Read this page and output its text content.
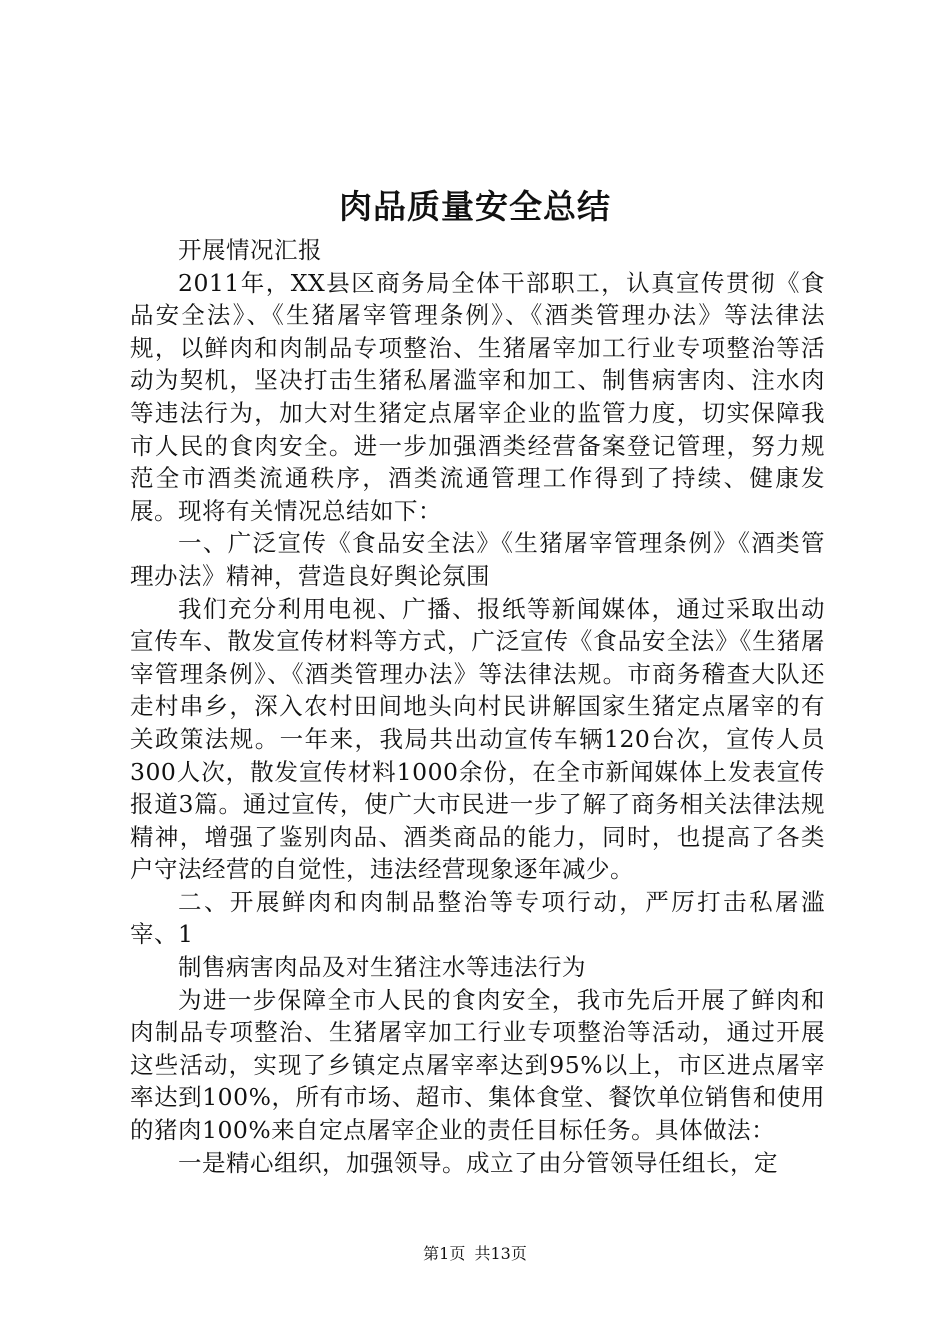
肉品质量安全总结

开展情况汇报

2011年，XX县区商务局全体干部职工，认真宣传贯彻《食品安全法》、《生猪屠宰管理条例》、《酒类管理办法》等法律法规，以鲜肉和肉制品专项整治、生猪屠宰加工行业专项整治等活动为契机，坚决打击生猪私屠滥宰和加工、制售病害肉、注水肉等违法行为，加大对生猪定点屠宰企业的监管力度，切实保障我市人民的食肉安全。进一步加强酒类经营备案登记管理，努力规范全市酒类流通秩序，酒类流通管理工作得到了持续、健康发展。现将有关情况总结如下：

一、广泛宣传《食品安全法》《生猪屠宰管理条例》《酒类管理办法》精神，营造良好舆论氛围

我们充分利用电视、广播、报纸等新闻媒体，通过采取出动宣传车、散发宣传材料等方式，广泛宣传《食品安全法》《生猪屠宰管理条例》、《酒类管理办法》等法律法规。市商务稽查大队还走村串乡，深入农村田间地头向村民讲解国家生猪定点屠宰的有关政策法规。一年来，我局共出动宣传车辆120台次，宣传人员300人次，散发宣传材料1000余份，在全市新闻媒体上发表宣传报道3篇。通过宣传，使广大市民进一步了解了商务相关法律法规精神，增强了鉴别肉品、酒类商品的能力，同时，也提高了各类户守法经营的自觉性，违法经营现象逐年减少。

二、开展鲜肉和肉制品整治等专项行动，严厉打击私屠滥宰、1

制售病害肉品及对生猪注水等违法行为

为进一步保障全市人民的食肉安全，我市先后开展了鲜肉和肉制品专项整治、生猪屠宰加工行业专项整治等活动，通过开展这些活动，实现了乡镇定点屠宰率达到95%以上，市区进点屠宰率达到100%，所有市场、超市、集体食堂、餐饮单位销售和使用的猪肉100%来自定点屠宰企业的责任目标任务。具体做法：

一是精心组织，加强领导。成立了由分管领导任组长，定

第1页 共13页
